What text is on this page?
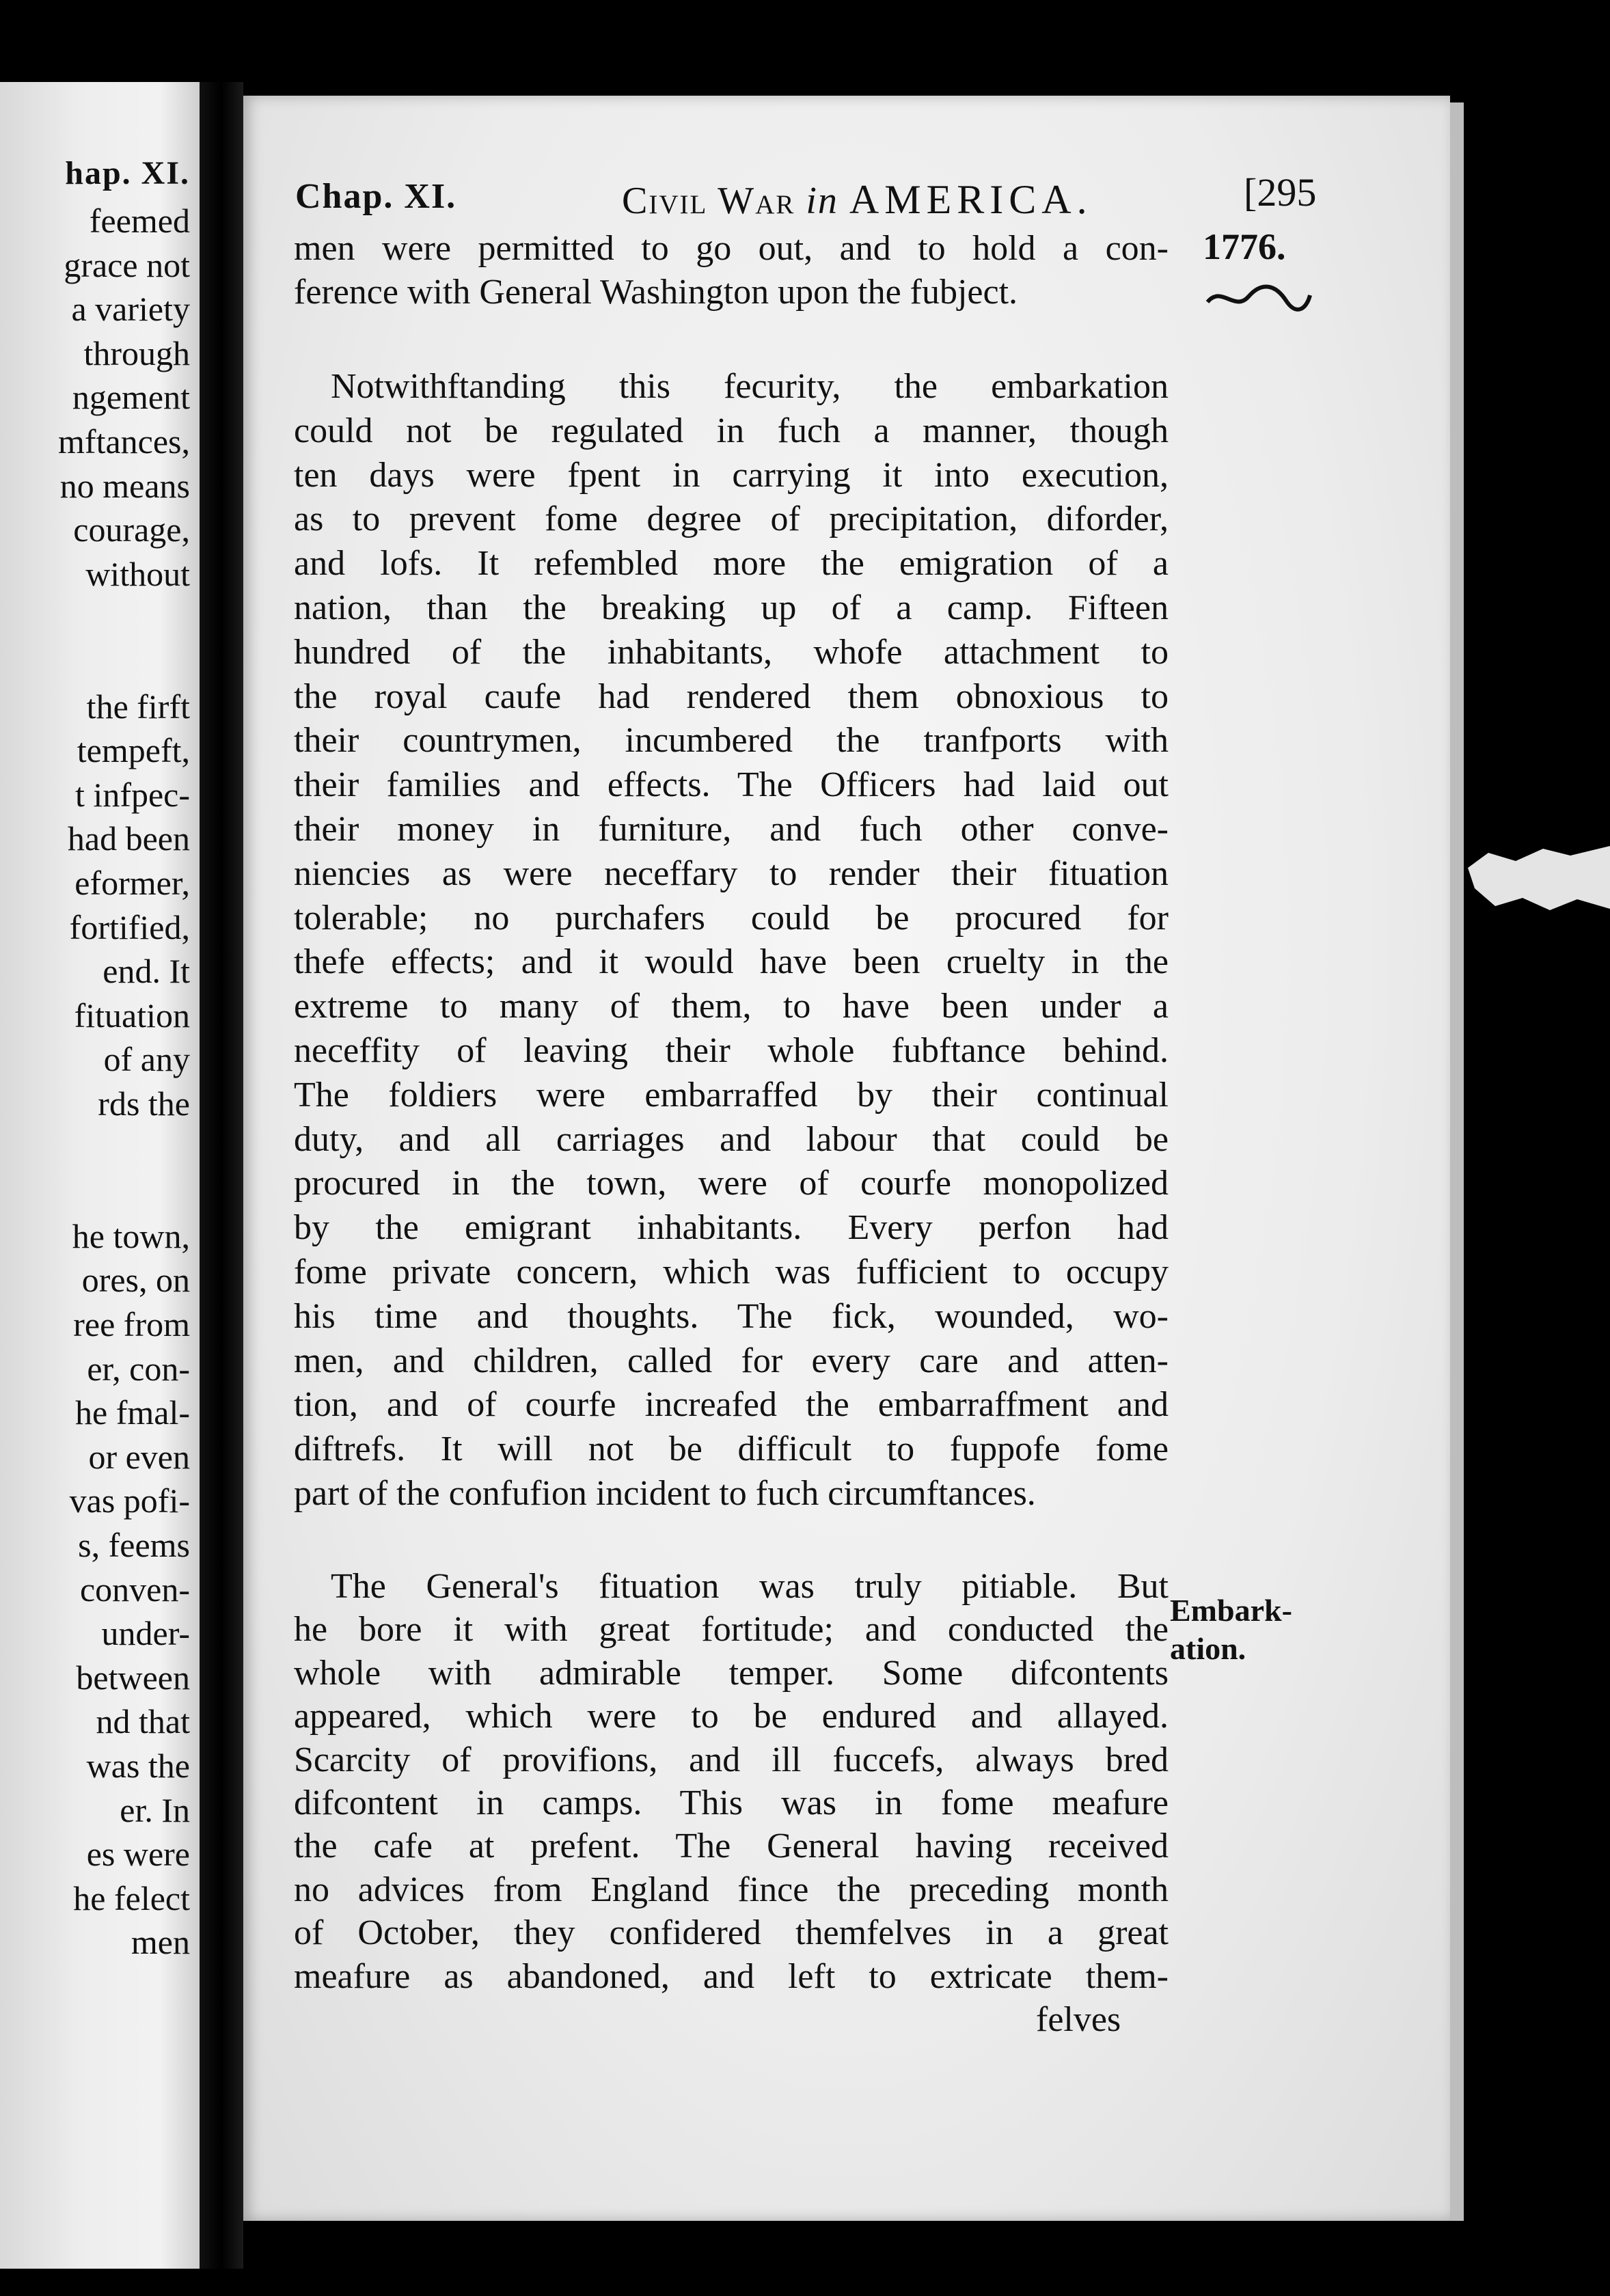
hap. XI.
feemed
grace not
a variety
through
ngement
mftances,
no means
courage,
without
the firft
tempeft,
t infpec-
had been
eformer,
fortified,
end. It
fituation
of any
rds the
he town,
ores, on
ree from
er, con-
he fmal-
or even
vas pofi-
s, feems
conven-
under-
between
nd that
was the
er. In
es were
he felect
men
Chap. XI.	Civil War in AMERICA.	[295
1776.
men were permitted to go out, and to hold a con-
ference with General Washington upon the fubject.
Notwithftanding this fecurity, the embarkation
could not be regulated in fuch a manner, though
ten days were fpent in carrying it into execution,
as to prevent fome degree of precipitation, diforder,
and lofs. It refembled more the emigration of a
nation, than the breaking up of a camp. Fifteen
hundred of the inhabitants, whofe attachment to
the royal caufe had rendered them obnoxious to
their countrymen, incumbered the tranfports with
their families and effects. The Officers had laid out
their money in furniture, and fuch other conve-
niencies as were neceffary to render their fituation
tolerable; no purchafers could be procured for
thefe effects; and it would have been cruelty in the
extreme to many of them, to have been under a
neceffity of leaving their whole fubftance behind.
The foldiers were embarraffed by their continual
duty, and all carriages and labour that could be
procured in the town, were of courfe monopolized
by the emigrant inhabitants. Every perfon had
fome private concern, which was fufficient to occupy
his time and thoughts. The fick, wounded, wo-
men, and children, called for every care and atten-
tion, and of courfe increafed the embarraffment and
diftrefs. It will not be difficult to fuppofe fome
part of the confufion incident to fuch circumftances.
The General's fituation was truly pitiable. But
he bore it with great fortitude; and conducted the
whole with admirable temper. Some difcontents
appeared, which were to be endured and allayed.
Scarcity of provifions, and ill fuccefs, always bred
difcontent in camps. This was in fome meafure
the cafe at prefent. The General having received
no advices from England fince the preceding month
of October, they confidered themfelves in a great
meafure as abandoned, and left to extricate them-
felves
Embark-
ation.
